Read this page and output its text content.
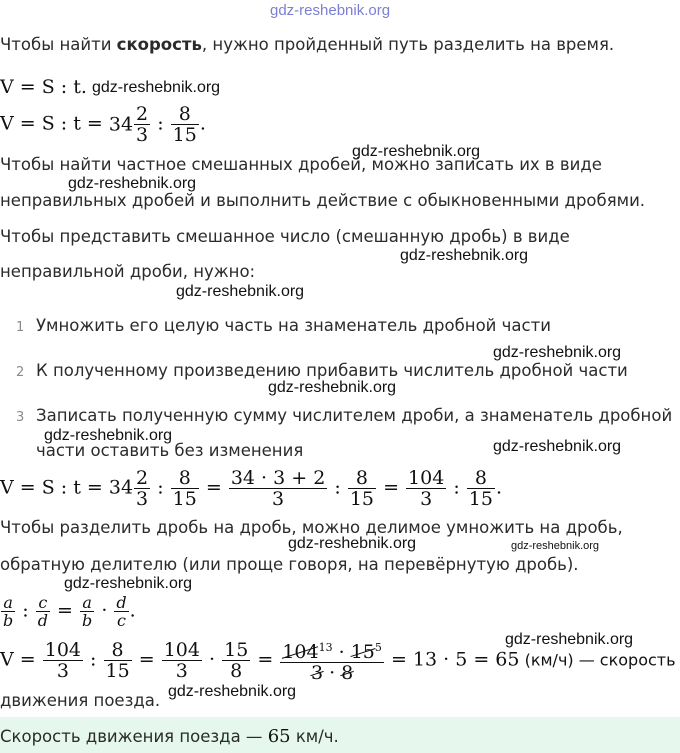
gdz-reshebnik.org
gdz-reshebnik.org
gdz-reshebnik.org
gdz-reshebnik.org
gdz-reshebnik.org
gdz-reshebnik.org
gdz-reshebnik.org
gdz-reshebnik.org
gdz-reshebnik.org
gdz-reshebnik.org	gdz-reshebnik.org
gdz-reshebnik.org
gdz-reshebnik.org
gdz-reshebnik.org
Чтобы найти скорость, нужно пройденный путь разделить на время.
V = S : t. gdz-reshebnik.org
V = S : $t = 34 \frac{2}{3}$ : $\frac{8}{15}$ .
Чтобы найти частное смешанных дробей, можно записать их в виде
неправильных дробей и выполнить действие с обыкновенными дробями.
Чтобы представить смешанное число (смешанную дробь) в виде
неправильной дроби, нужно:
1 Умножить его целую часть на знаменатель дробной части
2 К полученному произведению прибавить числитель дробной части
3 Записать полученную сумму числителем дроби, а знаменатель дробной
части оставить без изменения
V = S : $t = 34 \frac{2}{3}$ : $\frac{8}{15} = \frac{34 \cdot 3 + 2}{3}$ : $\frac{8}{15} = \frac{104}{3}$ : $\frac{8}{15}$ .
Чтобы разделить дробь на дробь, можно делимое умножить на дробь,
обратную делителю (или проще говоря, на перевёрнутую дробь).
$\frac{a}{b}$ : $\frac{c}{d} = \frac{a}{b} \cdot \frac{d}{c}$ .
$V = \frac{104}{3}$ : $\frac{8}{15} = \frac{104}{3} \cdot \frac{15}{8} = \frac{104^{13} \cdot 15^5}{3 \cdot 8} = 13 \cdot 5 = 65$ (км/ч) — скорость
движения поезда.
Скорость движения поезда — 65 км/ч.
